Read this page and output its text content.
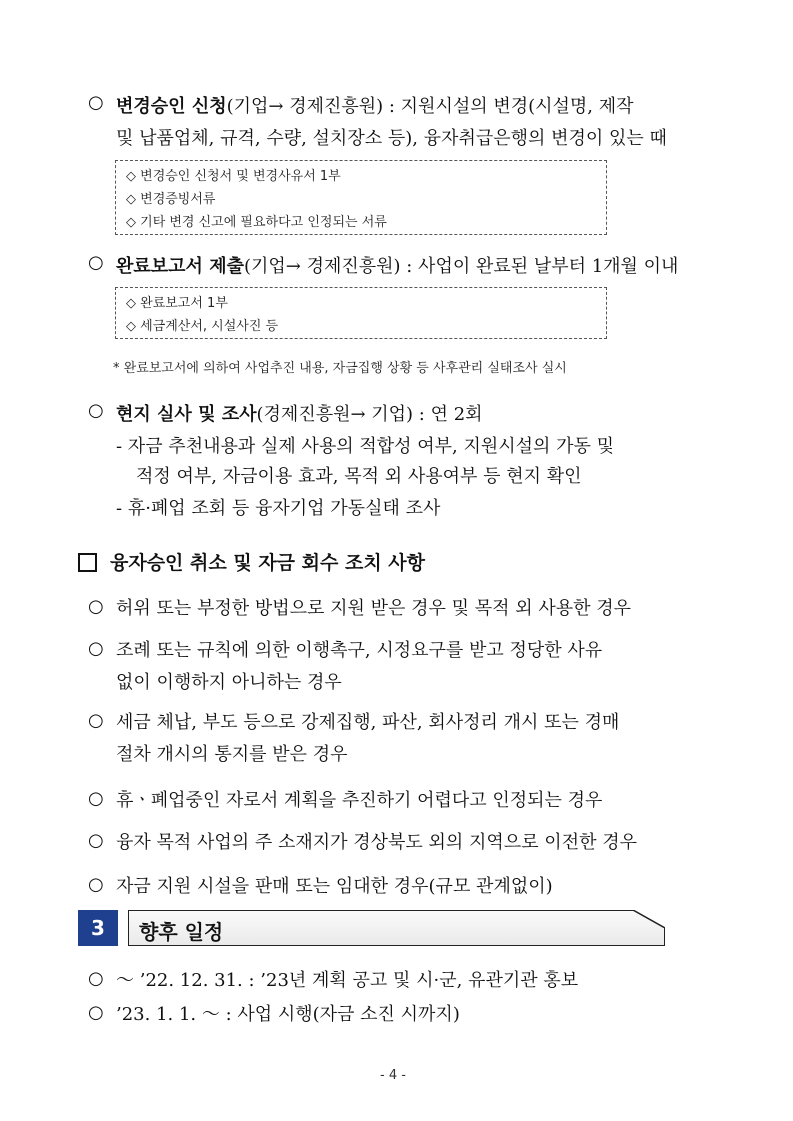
○ 변경승인 신청(기업→ 경제진흥원) : 지원시설의 변경(시설명, 제작
및 납품업체, 규격, 수량, 설치장소 등), 융자취급은행의 변경이 있는 때
◇ 변경승인 신청서 및 변경사유서 1부
◇ 변경증빙서류
◇ 기타 변경 신고에 필요하다고 인정되는 서류
○ 완료보고서 제출(기업→ 경제진흥원) : 사업이 완료된 날부터 1개월 이내
◇ 완료보고서 1부
◇ 세금계산서, 시설사진 등
* 완료보고서에 의하여 사업추진 내용, 자금집행 상황 등 사후관리 실태조사 실시
○ 현지 실사 및 조사(경제진흥원→ 기업) : 연 2회
- 자금 추천내용과 실제 사용의 적합성 여부, 지원시설의 가동 및
적정 여부, 자금이용 효과, 목적 외 사용여부 등 현지 확인
- 휴·폐업 조회 등 융자기업 가동실태 조사
융자승인 취소 및 자금 회수 조치 사항
○ 허위 또는 부정한 방법으로 지원 받은 경우 및 목적 외 사용한 경우
○ 조례 또는 규칙에 의한 이행촉구, 시정요구를 받고 정당한 사유
없이 이행하지 아니하는 경우
○ 세금 체납, 부도 등으로 강제집행, 파산, 회사정리 개시 또는 경매
절차 개시의 통지를 받은 경우
○ 휴ㆍ폐업중인 자로서 계획을 추진하기 어렵다고 인정되는 경우
○ 융자 목적 사업의 주 소재지가 경상북도 외의 지역으로 이전한 경우
○ 자금 지원 시설을 판매 또는 임대한 경우(규모 관계없이)
3	향후 일정
○ ～ ’22. 12. 31. : ’23년 계획 공고 및 시·군, 유관기관 홍보
○ ’23. 1. 1. ～ : 사업 시행(자금 소진 시까지)
- 4 -
